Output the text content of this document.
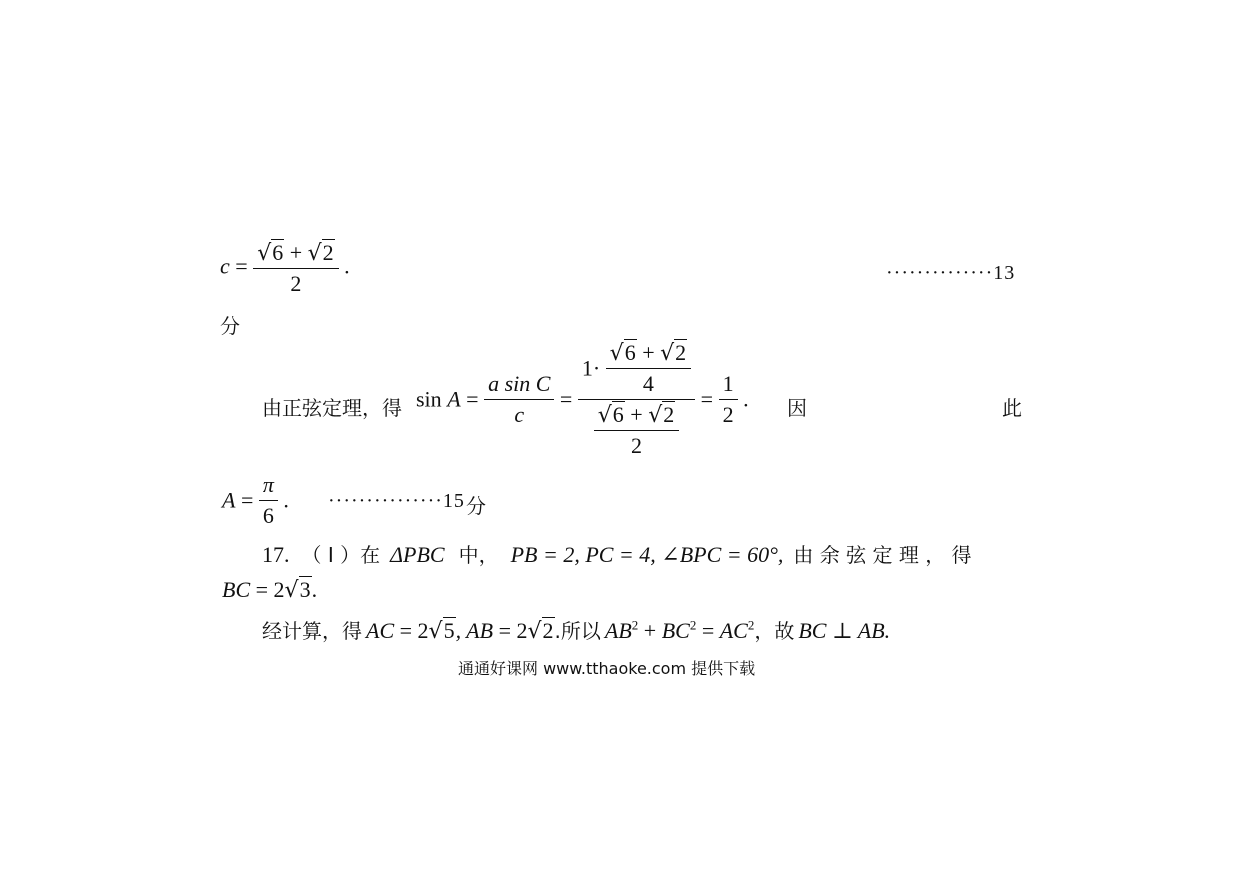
$c = \frac{√6 + √2}{2}$ .	··············13
分
由正弦定理，得 $\sin A = \frac{\text{a sin C}}{c}$ =
$1\cdot \frac{√6 + √2}{4}$
$\frac{√6 + √2}{2}$
= $\frac{1}{2}$ . 因	此
$A = \frac{\pi}{6}$ . ···············15 分
17. （ Ⅰ ）在 ΔPBC 中， PB = 2, PC = 4, ∠BPC = 60°, 由 余 弦 定 理 ， 得
BC = 2√3.
经计算，得 AC = 2√5, AB = 2√2.所以 $AB^2 + BC^2 = AC^2$，故 BC ⊥ AB.
通通好课网 www.tthaoke.com 提供下载
